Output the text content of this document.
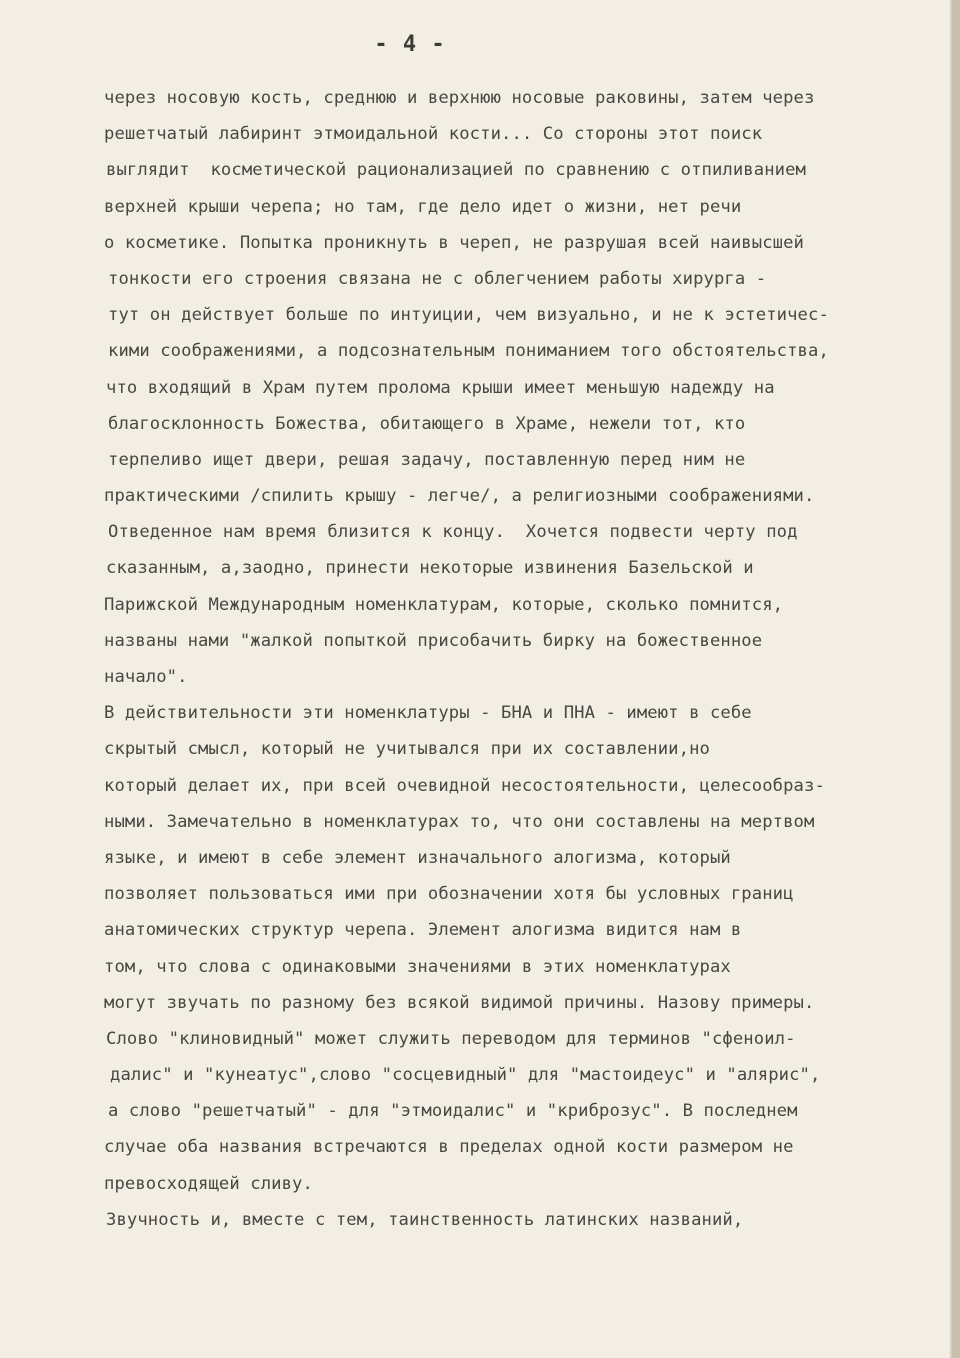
- 4 -
через носовую кость, среднюю и верхнюю носовые раковины, затем через
решетчатый лабиринт этмоидальной кости... Со стороны этот поиск
выглядит  косметической рационализацией по сравнению с отпиливанием
верхней крыши черепа; но там, где дело идет о жизни, нет речи
о косметике. Попытка проникнуть в череп, не разрушая всей наивысшей
тонкости его строения связана не с облегчением работы хирурга -
тут он действует больше по интуиции, чем визуально, и не к эстетичес-
кими соображениями, а подсознательным пониманием того обстоятельства,
что входящий в Храм путем пролома крыши имеет меньшую надежду на
благосклонность Божества, обитающего в Храме, нежели тот, кто
терпеливо ищет двери, решая задачу, поставленную перед ним не
практическими /спилить крышу - легче/, а религиозными соображениями.
Отведенное нам время близится к концу.  Хочется подвести черту под
сказанным, а,заодно, принести некоторые извинения Базельской и
Парижской Международным номенклатурам, которые, сколько помнится,
названы нами "жалкой попыткой присобачить бирку на божественное
начало".
В действительности эти номенклатуры - БНА и ПНА - имеют в себе
скрытый смысл, который не учитывался при их составлении,но
который делает их, при всей очевидной несостоятельности, целесообраз-
ными. Замечательно в номенклатурах то, что они составлены на мертвом
языке, и имеют в себе элемент изначального алогизма, который
позволяет пользоваться ими при обозначении хотя бы условных границ
анатомических структур черепа. Элемент алогизма видится нам в
том, что слова с одинаковыми значениями в этих номенклатурах
могут звучать по разному без всякой видимой причины. Назову примеры.
Слово "клиновидный" может служить переводом для терминов "сфеноил-
далис" и "кунеатус",слово "сосцевидный" для "мастоидеус" и "алярис",
а слово "решетчатый" - для "этмоидалис" и "криброзус". В последнем
случае оба названия встречаются в пределах одной кости размером не
превосходящей сливу.
Звучность и, вместе с тем, таинственность латинских названий,
